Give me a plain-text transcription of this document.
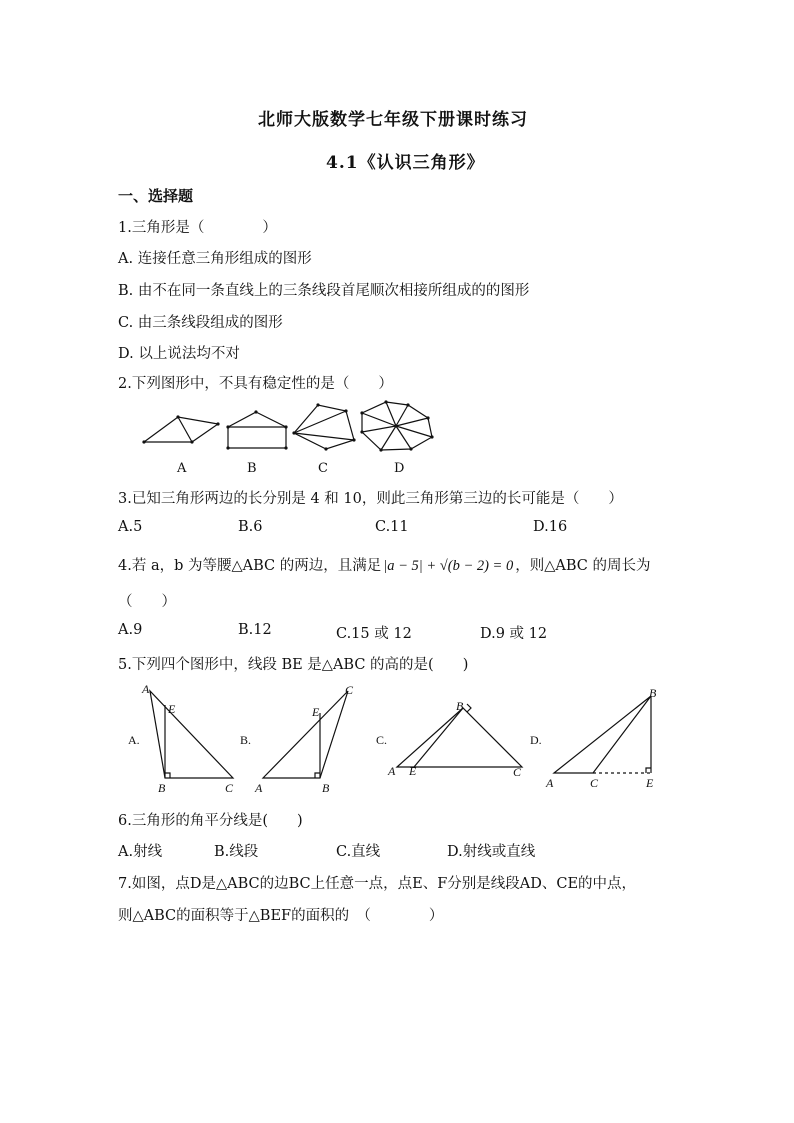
北师大版数学七年级下册课时练习
4.1《认识三角形》
一、选择题
1.三角形是（　　　　）
A. 连接任意三角形组成的图形
B. 由不在同一条直线上的三条线段首尾顺次相接所组成的的图形
C. 由三条线段组成的图形
D. 以上说法均不对
2.下列图形中，不具有稳定性的是（　　）
A	B	C	D
3.已知三角形两边的长分别是 4 和 10，则此三角形第三边的长可能是（　　）
A.5	B.6	C.11	D.16
4.若 a，b 为等腰△ABC 的两边，且满足 |a − 5| + √(b − 2) = 0 ，则△ABC 的周长为
（　　）
A.9	B.12	C.15 或 12	D.9 或 12
5.下列四个图形中，线段 BE 是△ABC 的高的是(　　)
A.
A
E
B	C
B.
A
E
B
C
C.
A E
B
C
D.
A	C
B
E
6.三角形的角平分线是(　　)
A.射线	B.线段	C.直线	D.射线或直线
7.如图，点D是△ABC的边BC上任意一点，点E、F分别是线段AD、CE的中点，
则△ABC的面积等于△BEF的面积的　（　　　　）
